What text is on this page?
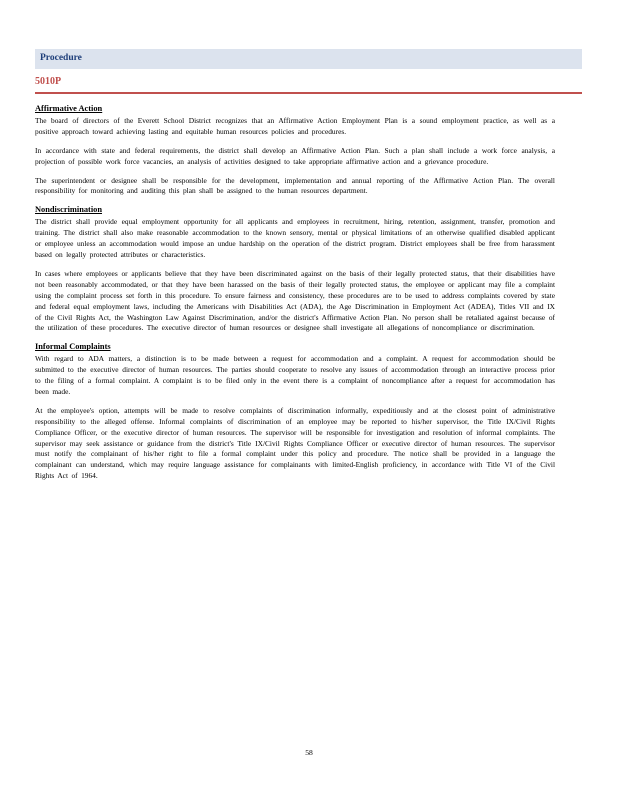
Procedure
5010P
Affirmative Action

The board of directors of the Everett School District recognizes that an Affirmative Action Employment Plan is a sound employment practice, as well as a positive approach toward achieving lasting and equitable human resources policies and procedures.

In accordance with state and federal requirements, the district shall develop an Affirmative Action Plan. Such a plan shall include a work force analysis, a projection of possible work force vacancies, an analysis of activities designed to take appropriate affirmative action and a grievance procedure.

The superintendent or designee shall be responsible for the development, implementation and annual reporting of the Affirmative Action Plan. The overall responsibility for monitoring and auditing this plan shall be assigned to the human resources department.

Nondiscrimination

The district shall provide equal employment opportunity for all applicants and employees in recruitment, hiring, retention, assignment, transfer, promotion and training. The district shall also make reasonable accommodation to the known sensory, mental or physical limitations of an otherwise qualified disabled applicant or employee unless an accommodation would impose an undue hardship on the operation of the district program. District employees shall be free from harassment based on legally protected attributes or characteristics.

In cases where employees or applicants believe that they have been discriminated against on the basis of their legally protected status, that their disabilities have not been reasonably accommodated, or that they have been harassed on the basis of their legally protected status, the employee or applicant may file a complaint using the complaint process set forth in this procedure. To ensure fairness and consistency, these procedures are to be used to address complaints covered by state and federal equal employment laws, including the Americans with Disabilities Act (ADA), the Age Discrimination in Employment Act (ADEA), Titles VII and IX of the Civil Rights Act, the Washington Law Against Discrimination, and/or the district's Affirmative Action Plan. No person shall be retaliated against because of the utilization of these procedures. The executive director of human resources or designee shall investigate all allegations of noncompliance or discrimination.

Informal Complaints

With regard to ADA matters, a distinction is to be made between a request for accommodation and a complaint. A request for accommodation should be submitted to the executive director of human resources. The parties should cooperate to resolve any issues of accommodation through an interactive process prior to the filing of a formal complaint. A complaint is to be filed only in the event there is a complaint of noncompliance after a request for accommodation has been made.

At the employee's option, attempts will be made to resolve complaints of discrimination informally, expeditiously and at the closest point of administrative responsibility to the alleged offense. Informal complaints of discrimination of an employee may be reported to his/her supervisor, the Title IX/Civil Rights Compliance Officer, or the executive director of human resources. The supervisor will be responsible for investigation and resolution of informal complaints. The supervisor may seek assistance or guidance from the district's Title IX/Civil Rights Compliance Officer or executive director of human resources. The supervisor must notify the complainant of his/her right to file a formal complaint under this policy and procedure. The notice shall be provided in a language the complainant can understand, which may require language assistance for complainants with limited-English proficiency, in accordance with Title VI of the Civil Rights Act of 1964.

58
